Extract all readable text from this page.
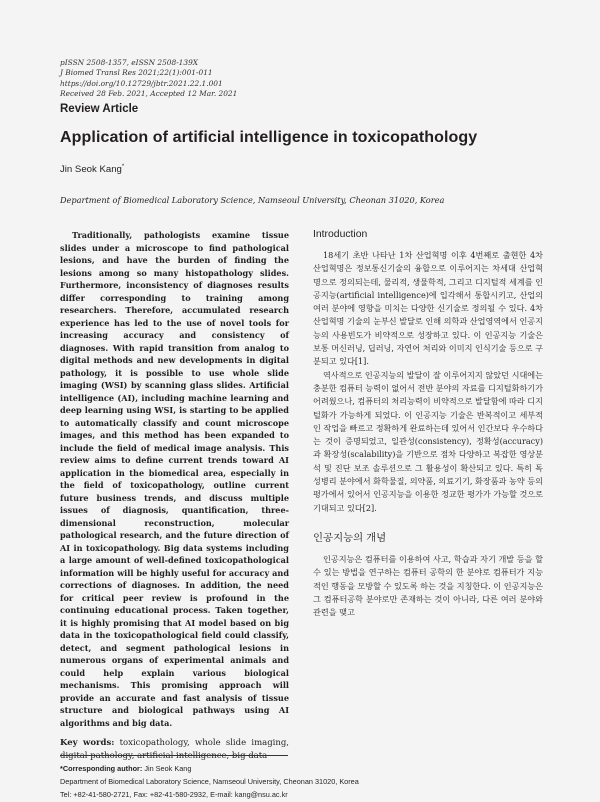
pISSN 2508-1357, eISSN 2508-139X
J Biomed Transl Res 2021;22(1):001-011
https://doi.org/10.12729/jbtr.2021.22.1.001
Received 28 Feb. 2021, Accepted 12 Mar. 2021
Review Article
Application of artificial intelligence in toxicopathology
Jin Seok Kang*
Department of Biomedical Laboratory Science, Namseoul University, Cheonan 31020, Korea
Traditionally, pathologists examine tissue slides under a microscope to find pathological lesions, and have the burden of finding the lesions among so many histopathology slides. Furthermore, inconsistency of diagnoses results differ corresponding to training among researchers. Therefore, accumulated research experience has led to the use of novel tools for increasing accuracy and consistency of diagnoses. With rapid transition from analog to digital methods and new developments in digital pathology, it is possible to use whole slide imaging (WSI) by scanning glass slides. Artificial intelligence (AI), including machine learning and deep learning using WSI, is starting to be applied to automatically classify and count microscope images, and this method has been expanded to include the field of medical image analysis. This review aims to define current trends toward AI application in the biomedical area, especially in the field of toxicopathology, outline current future business trends, and discuss multiple issues of diagnosis, quantification, three-dimensional reconstruction, molecular pathological research, and the future direction of AI in toxicopathology. Big data systems including a large amount of well-defined toxicopathological information will be highly useful for accuracy and corrections of diagnoses. In addition, the need for critical peer review is profound in the continuing educational process. Taken together, it is highly promising that AI model based on big data in the toxicopathological field could classify, detect, and segment pathological lesions in numerous organs of experimental animals and could help explain various biological mechanisms. This promising approach will provide an accurate and fast analysis of tissue structure and biological pathways using AI algorithms and big data.
Key words: toxicopathology, whole slide imaging, digital pathology, artificial intelligence, big data
Introduction

18세기 초반 나타난 1차 산업혁명 이후 4번째로 출현한 4차 산업혁명은 정보통신기술의 융합으로 이루어지는 차세대 산업혁명으로 정의되는데, 물리적, 생물학적, 그리고 디지털적 세계를 인공지능(artificial intelligence)에 입각해서 통합시키고, 산업의 여러 분야에 영향을 미치는 다양한 신기술로 정의될 수 있다. 4차 산업혁명 기술의 눈부신 발달로 인해 의학과 산업영역에서 인공지능의 사용빈도가 비약적으로 성장하고 있다. 이 인공지능 기술은 보통 머신러닝, 딥러닝, 자연어 처리와 이미지 인식기술 등으로 구분되고 있다[1].

역사적으로 인공지능의 발달이 잘 이루어지지 않았던 시대에는 충분한 컴퓨터 능력이 없어서 전반 분야의 자료를 디지털화하기가 어려웠으나, 컴퓨터의 처리능력이 비약적으로 발달함에 따라 디지털화가 가능하게 되었다. 이 인공지능 기술은 반복적이고 세부적인 작업을 빠르고 정확하게 완료하는데 있어서 인간보다 우수하다는 것이 증명되었고, 일관성(consistency), 정확성(accuracy)과 확장성(scalability)을 기반으로 점차 다양하고 복잡한 영상분석 및 진단 보조 솔루션으로 그 활용성이 확산되고 있다. 특히 독성병리 분야에서 화학물질, 의약품, 의료기기, 화장품과 농약 등의 평가에서 있어서 인공지능을 이용한 정교한 평가가 가능할 것으로 기대되고 있다[2].

인공지능의 개념

인공지능은 컴퓨터를 이용하여 사고, 학습과 자기 개발 등을 할 수 있는 방법을 연구하는 컴퓨터 공학의 한 분야로 컴퓨터가 지능적인 행동을 모방할 수 있도록 하는 것을 지칭한다. 이 인공지능은 그 컴퓨터공학 분야로만 존재하는 것이 아니라, 다른 여러 분야와 관련을 맺고

*Corresponding author: Jin Seok Kang
Department of Biomedical Laboratory Science, Namseoul University, Cheonan 31020, Korea
Tel: +82-41-580-2721, Fax: +82-41-580-2932, E-mail: kang@nsu.ac.kr
